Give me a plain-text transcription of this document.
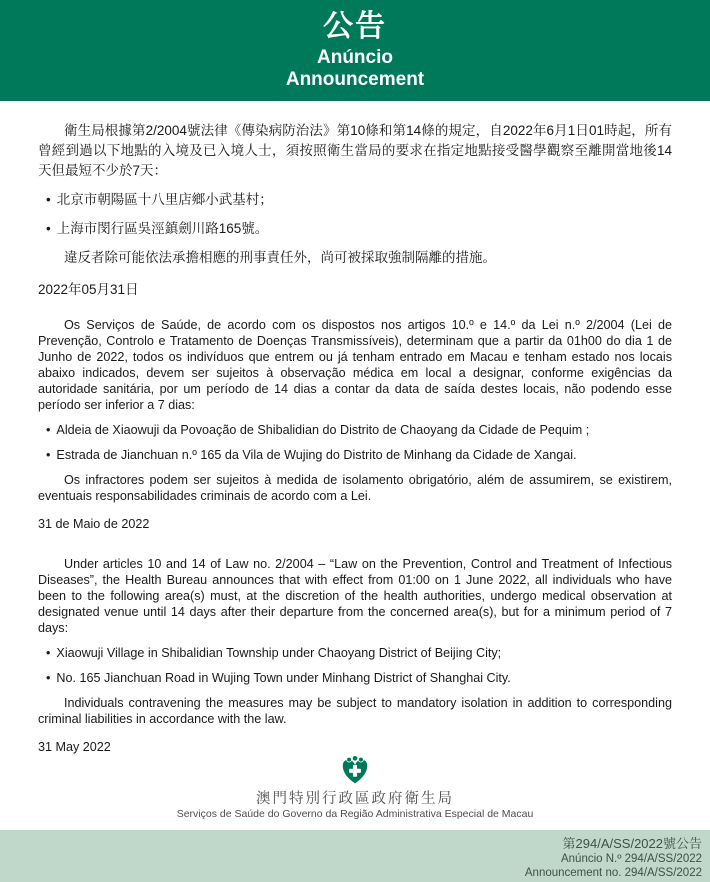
公告
Anúncio
Announcement

衛生局根據第2/2004號法律《傳染病防治法》第10條和第14條的規定，自2022年6月1日01時起，所有曾經到過以下地點的入境及已入境人士，須按照衛生當局的要求在指定地點接受醫學觀察至離開當地後14天但最短不少於7天：

• 北京市朝陽區十八里店鄉小武基村；
• 上海市閔行區吳涇鎮劍川路165號。

違反者除可能依法承擔相應的刑事責任外，尚可被採取強制隔離的措施。

2022年05月31日

Os Serviços de Saúde, de acordo com os dispostos nos artigos 10.º e 14.º da Lei n.º 2/2004 (Lei de Prevenção, Controlo e Tratamento de Doenças Transmissíveis), determinam que a partir da 01h00 do dia 1 de Junho de 2022, todos os indivíduos que entrem ou já tenham entrado em Macau e tenham estado nos locais abaixo indicados, devem ser sujeitos à observação médica em local a designar, conforme exigências da autoridade sanitária, por um período de 14 dias a contar da data de saída destes locais, não podendo esse período ser inferior a 7 dias:

• Aldeia de Xiaowuji da Povoação de Shibalidian do Distrito de Chaoyang da Cidade de Pequim ;
• Estrada de Jianchuan n.º 165 da Vila de Wujing do Distrito de Minhang da Cidade de Xangai.

Os infractores podem ser sujeitos à medida de isolamento obrigatório, além de assumirem, se existirem, eventuais responsabilidades criminais de acordo com a Lei.

31 de Maio de 2022

Under articles 10 and 14 of Law no. 2/2004 – “Law on the Prevention, Control and Treatment of Infectious Diseases”, the Health Bureau announces that with effect from 01:00 on 1 June 2022, all individuals who have been to the following area(s) must, at the discretion of the health authorities, undergo medical observation at designated venue until 14 days after their departure from the concerned area(s), but for a minimum period of 7 days:

• Xiaowuji Village in Shibalidian Township under Chaoyang District of Beijing City;
• No. 165 Jianchuan Road in Wujing Town under Minhang District of Shanghai City.

Individuals contravening the measures may be subject to mandatory isolation in addition to corresponding criminal liabilities in accordance with the law.

31 May 2022
澳門特別行政區政府衛生局
Serviços de Saúde do Governo da Região Administrativa Especial de Macau
第294/A/SS/2022號公告
Anúncio N.º 294/A/SS/2022
Announcement no. 294/A/SS/2022
